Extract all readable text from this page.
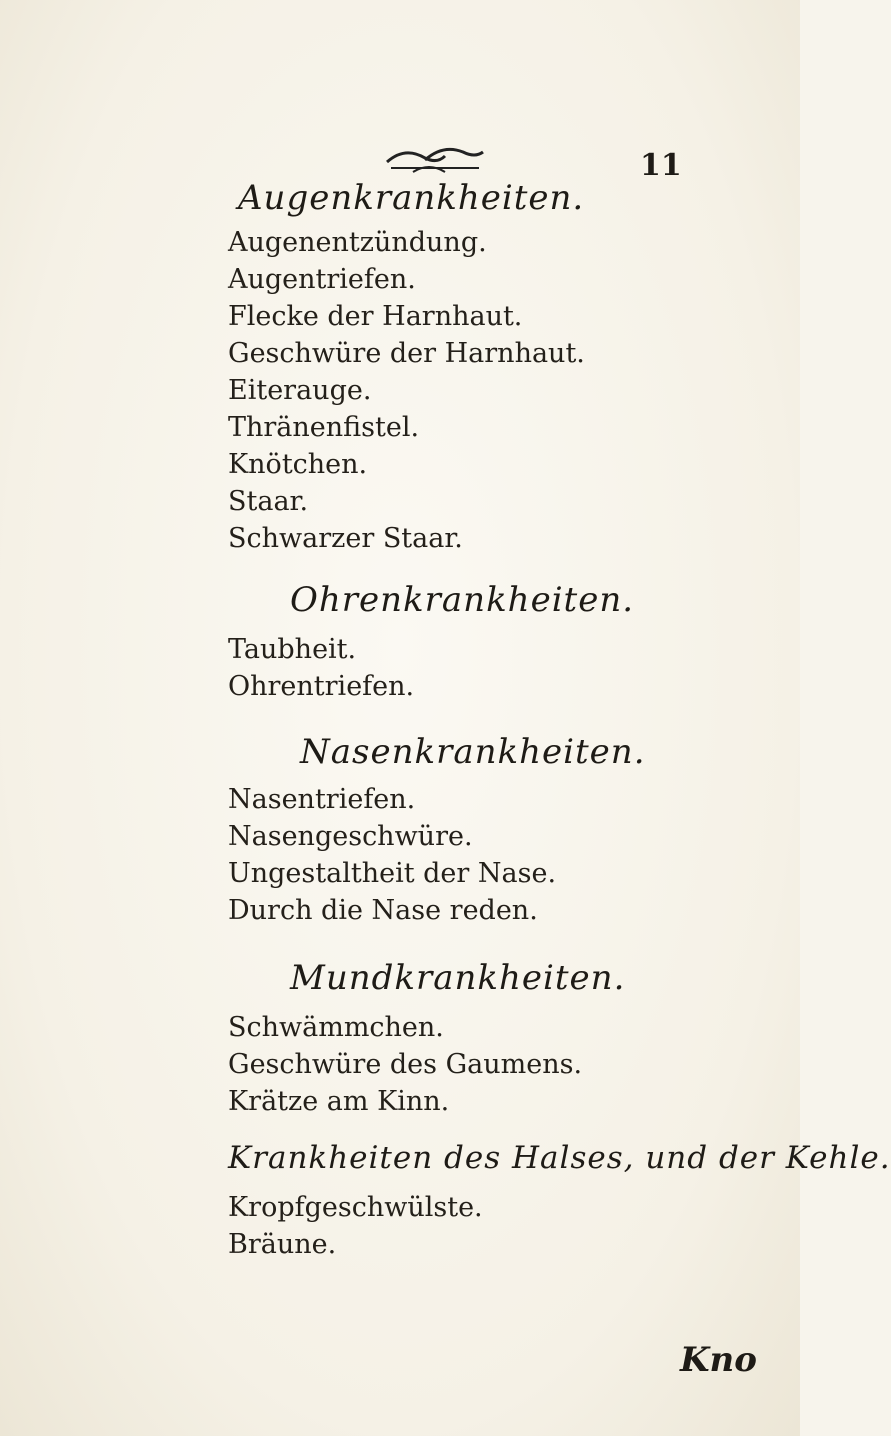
11
Augenkrankheiten.

Augenentzündung.

Augentriefen.

Flecke der Harnhaut.

Geschwüre der Harnhaut.

Eiterauge.

Thränenfistel.

Knötchen.

Staar.

Schwarzer Staar.

Ohrenkrankheiten.

Taubheit.

Ohrentriefen.

Nasenkrankheiten.

Nasentriefen.

Nasengeschwüre.

Ungestaltheit der Nase.

Durch die Nase reden.

Mundkrankheiten.

Schwämmchen.

Geschwüre des Gaumens.

Krätze am Kinn.

Krankheiten des Halses, und der Kehle.

Kropfgeschwülste.

Bräune.

Kno
